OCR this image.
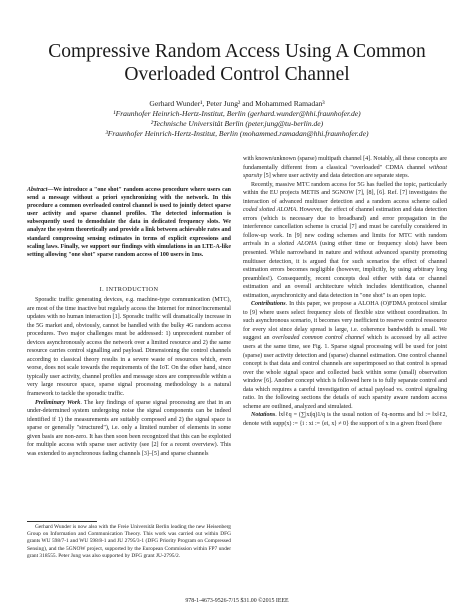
Compressive Random Access Using A Common
Overloaded Control Channel
Gerhard Wunder¹, Peter Jung² and Mohammed Ramadan³
¹Fraunhofer Heinrich-Hertz-Institut, Berlin (gerhard.wunder@hhi.fraunhofer.de)
²Technische Universität Berlin (peter.jung@tu-berlin.de)
³Fraunhofer Heinrich-Hertz-Institut, Berlin (mohammed.ramadan@hhi.fraunhofer.de)
Abstract—We introduce a "one shot" random access procedure where users can send a message without a priori synchronizing with the network. In this procedure a common overloaded control channel is used to jointly detect sparse user activity and sparse channel profiles. The detected information is subsequently used to demodulate the data in dedicated frequency slots. We analyze the system theoretically and provide a link between achievable rates and standard compressing sensing estimates in terms of explicit expressions and scaling laws. Finally, we support our findings with simulations in an LTE-A-like setting allowing "one shot" sparse random access of 100 users in 1ms.
I. INTRODUCTION

Sporadic traffic generating devices, e.g. machine-type communication (MTC), are most of the time inactive but regularly access the Internet for minor/incremental updates with no human interaction [1]. Sporadic traffic will dramatically increase in the 5G market and, obviously, cannot be handled with the bulky 4G random access procedures. Two major challenges must be addressed: 1) unprecedent number of devices asynchronously access the network over a limited resource and 2) the same resource carries control signalling and payload. Dimensioning the control channels according to classical theory results in a severe waste of resources which, even worse, does not scale towards the requirements of the IoT. On the other hand, since typically user activity, channel profiles and message sizes are compressible within a very large resource space, sparse signal processing methodology is a natural framework to tackle the sporadic traffic.

Preliminary Work. The key findings of sparse signal processing are that in an under-determined system undergoing noise the signal components can be indeed identified if 1) the measurements are suitably composed and 2) the signal space is sparse or generally "structured"), i.e. only a limited number of elements in some given basis are non-zero. It has then soon been recognized that this can be exploited for multiple access with sparse user activity (see [2] for a recent overview). This was extended to asynchronous fading channels [3]–[5] and sparse channels

Gerhard Wunder is now also with the Freie Universität Berlin leading the new Heisenberg Group on Information and Communication Theory. This work was carried out within DFG grants WU 598/7-1 and WU 598/8-1 and JU 2795/3-1 (DFG Priority Program on Compressed Sensing), and the 5GNOW project, supported by the European Commission within FP7 under grant 318555. Peter Jung was also supported by DFG grant JU-2795/2.

with known/unknown (sparse) multipath channel [4]. Notably, all these concepts are fundamentally different from a classical "overloaded" CDMA channel without sparsity [5] where user activity and data detection are separate steps.

Recently, massive MTC random access for 5G has fuelled the topic, particularly within the EU projects METIS and 5GNOW [7], [8], [6]. Ref. [7] investigates the interaction of advanced multiuser detection and a random access scheme called coded slotted ALOHA. However, the effect of channel estimation and data detection errors (which is necessary due to broadband) and error propagation in the interference cancellation scheme is crucial [7] and must be carefully considered in follow-up work. In [9] new coding schemes and limits for MTC with random arrivals in a slotted ALOHA (using either time or frequency slots) have been presented. While narrowband in nature and without advanced sparsity promoting multiuser detection, it is argued that for such scenarios the effect of channel estimation errors becomes negligible (however, implicitly, by using arbitrary long preambles!). Consequently, recent concepts deal either with data or channel estimation and an overall architecture which includes identification, channel estimation, asynchronicity and data detection in "one shot" is an open topic.

Contributions. In this paper, we propose a ALOHA (O)FDMA protocol similar to [9] where users select frequency slots of flexible size without coordination. In such asynchronous scenario, it becomes very inefficient to reserve control ressource for every slot since delay spread is large, i.e. coherence bandwidth is small. We suggest an overloaded common control channel which is accessed by all active users at the same time, see Fig. 1. Sparse signal processing will be used for joint (sparse) user activity detection and (sparse) channel estimation. One control channel concept is that data and control channels are superimposed so that control is spread over the whole signal space and collected back within some (small) observation window [6]. Another concept which is followed here is to fully separate control and data which requires a careful investigation of actual payload vs. control signaling ratio. In the following sections the details of such sparsity aware random access scheme are outlined, analyzed and simulated.

Notations. ‖x‖ℓq = (∑|xi|q)1/q is the usual notion of ℓq-norms and ‖x‖ := ‖x‖ℓ2, denote with supp(x) := {i : xi := ⟨ei, x⟩ ≠ 0} the support of x in a given fixed (here

978-1-4673-9526-7/15 $31.00 ©2015 IEEE
